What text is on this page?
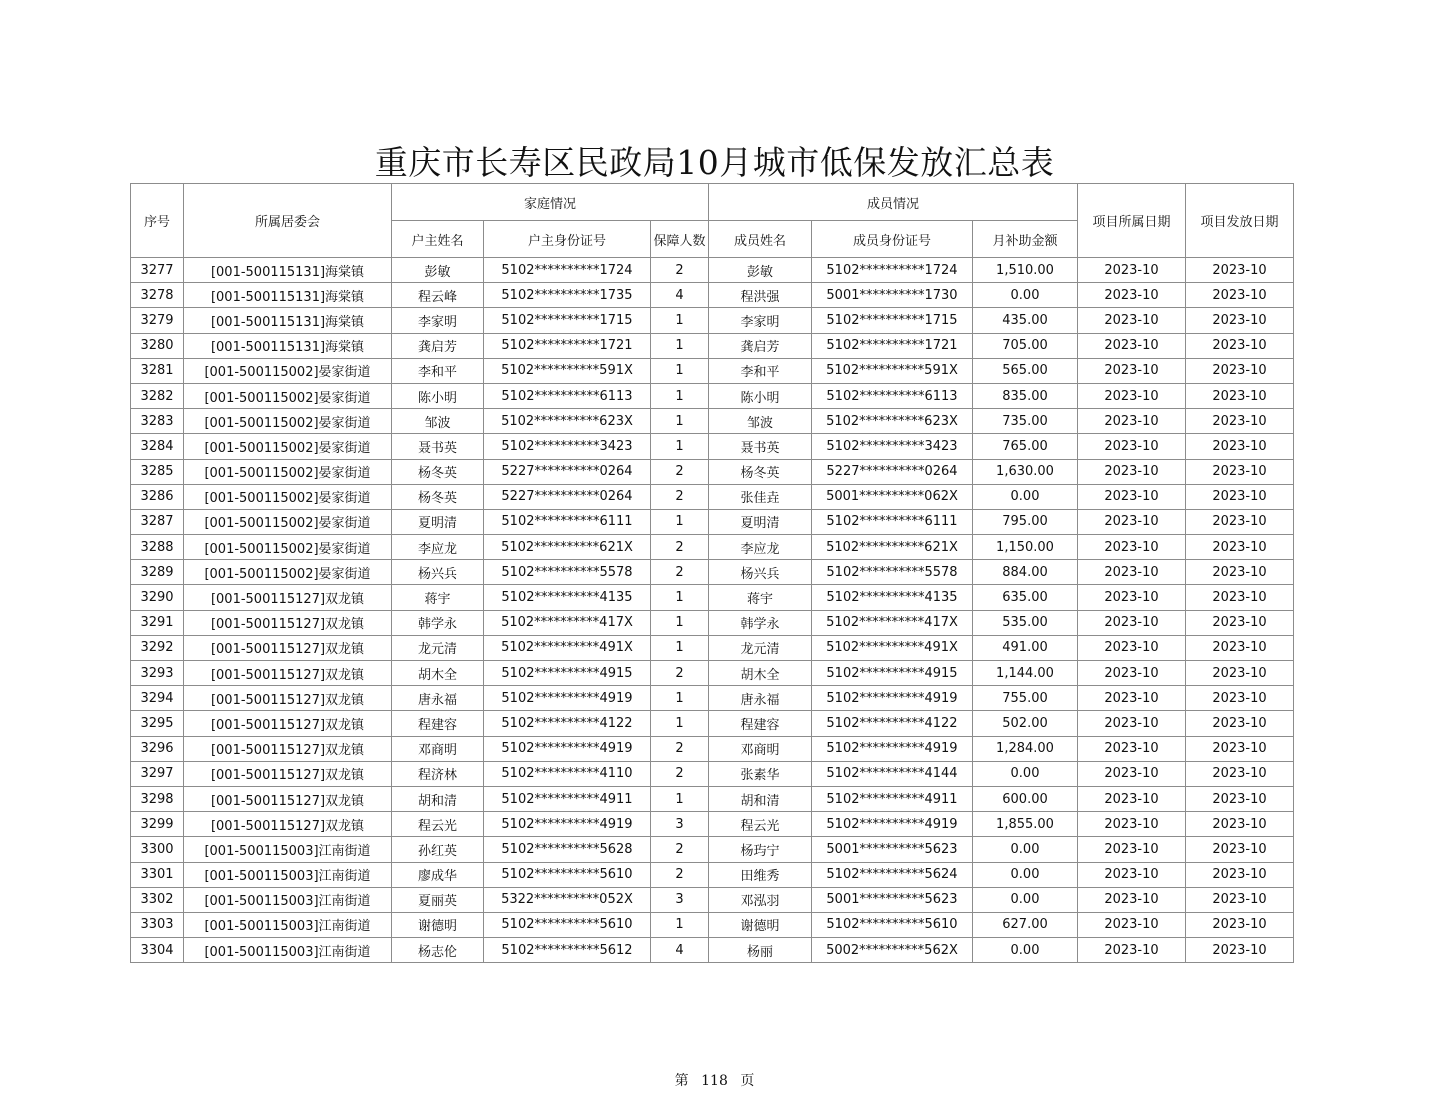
重庆市长寿区民政局10月城市低保发放汇总表
序号	所属居委会	家庭情况			成员情况			项目所属日期	项目发放日期
		户主姓名	户主身份证号	保障人数	成员姓名	成员身份证号	月补助金额		
3277	[001-500115131]海棠镇	彭敏	5102**********1724	2	彭敏	5102**********1724	1,510.00	2023-10	2023-10
3278	[001-500115131]海棠镇	程云峰	5102**********1735	4	程洪强	5001**********1730	0.00	2023-10	2023-10
3279	[001-500115131]海棠镇	李家明	5102**********1715	1	李家明	5102**********1715	435.00	2023-10	2023-10
3280	[001-500115131]海棠镇	龚启芳	5102**********1721	1	龚启芳	5102**********1721	705.00	2023-10	2023-10
3281	[001-500115002]晏家街道	李和平	5102**********591X	1	李和平	5102**********591X	565.00	2023-10	2023-10
3282	[001-500115002]晏家街道	陈小明	5102**********6113	1	陈小明	5102**********6113	835.00	2023-10	2023-10
3283	[001-500115002]晏家街道	邹波	5102**********623X	1	邹波	5102**********623X	735.00	2023-10	2023-10
3284	[001-500115002]晏家街道	聂书英	5102**********3423	1	聂书英	5102**********3423	765.00	2023-10	2023-10
3285	[001-500115002]晏家街道	杨冬英	5227**********0264	2	杨冬英	5227**********0264	1,630.00	2023-10	2023-10
3286	[001-500115002]晏家街道	杨冬英	5227**********0264	2	张佳垚	5001**********062X	0.00	2023-10	2023-10
3287	[001-500115002]晏家街道	夏明清	5102**********6111	1	夏明清	5102**********6111	795.00	2023-10	2023-10
3288	[001-500115002]晏家街道	李应龙	5102**********621X	2	李应龙	5102**********621X	1,150.00	2023-10	2023-10
3289	[001-500115002]晏家街道	杨兴兵	5102**********5578	2	杨兴兵	5102**********5578	884.00	2023-10	2023-10
3290	[001-500115127]双龙镇	蒋宇	5102**********4135	1	蒋宇	5102**********4135	635.00	2023-10	2023-10
3291	[001-500115127]双龙镇	韩学永	5102**********417X	1	韩学永	5102**********417X	535.00	2023-10	2023-10
3292	[001-500115127]双龙镇	龙元清	5102**********491X	1	龙元清	5102**********491X	491.00	2023-10	2023-10
3293	[001-500115127]双龙镇	胡木全	5102**********4915	2	胡木全	5102**********4915	1,144.00	2023-10	2023-10
3294	[001-500115127]双龙镇	唐永福	5102**********4919	1	唐永福	5102**********4919	755.00	2023-10	2023-10
3295	[001-500115127]双龙镇	程建容	5102**********4122	1	程建容	5102**********4122	502.00	2023-10	2023-10
3296	[001-500115127]双龙镇	邓商明	5102**********4919	2	邓商明	5102**********4919	1,284.00	2023-10	2023-10
3297	[001-500115127]双龙镇	程济林	5102**********4110	2	张素华	5102**********4144	0.00	2023-10	2023-10
3298	[001-500115127]双龙镇	胡和清	5102**********4911	1	胡和清	5102**********4911	600.00	2023-10	2023-10
3299	[001-500115127]双龙镇	程云光	5102**********4919	3	程云光	5102**********4919	1,855.00	2023-10	2023-10
3300	[001-500115003]江南街道	孙红英	5102**********5628	2	杨玙宁	5001**********5623	0.00	2023-10	2023-10
3301	[001-500115003]江南街道	廖成华	5102**********5610	2	田维秀	5102**********5624	0.00	2023-10	2023-10
3302	[001-500115003]江南街道	夏丽英	5322**********052X	3	邓泓羽	5001**********5623	0.00	2023-10	2023-10
3303	[001-500115003]江南街道	谢德明	5102**********5610	1	谢德明	5102**********5610	627.00	2023-10	2023-10
3304	[001-500115003]江南街道	杨志伦	5102**********5612	4	杨丽	5002**********562X	0.00	2023-10	2023-10
第 118 页
